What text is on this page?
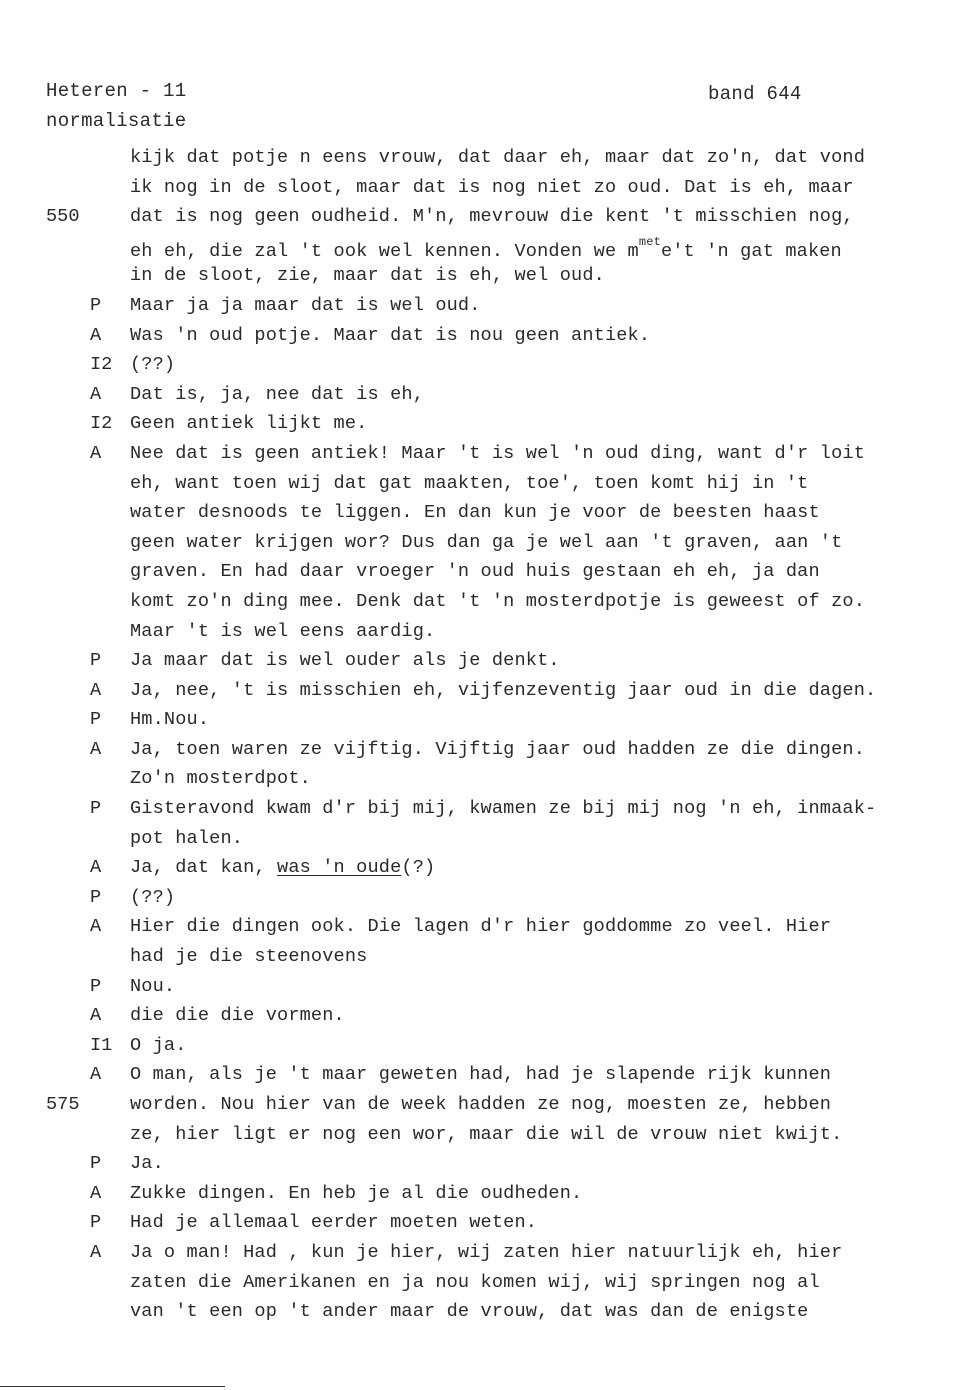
Heteren - 11
normalisatie
band 644
kijk dat potje n eens vrouw, dat daar eh, maar dat zo'n, dat vond
ik nog in de sloot, maar dat is nog niet zo oud. Dat is eh, maar
550	dat is nog geen oudheid. M'n, mevrouw die kent 't misschien nog,
eh eh, die zal 't ook wel kennen. Vonden we $m^{met}e't$ 'n gat maken
in de sloot, zie, maar dat is eh, wel oud.
P Maar ja ja maar dat is wel oud.
A Was 'n oud potje. Maar dat is nou geen antiek.
I2 (??)
A Dat is, ja, nee dat is eh,
I2 Geen antiek lijkt me.
A Nee dat is geen antiek! Maar 't is wel 'n oud ding, want d'r loit
eh, want toen wij dat gat maakten, toe', toen komt hij in 't
water desnoods te liggen. En dan kun je voor de beesten haast
geen water krijgen wor? Dus dan ga je wel aan 't graven, aan 't
graven. En had daar vroeger 'n oud huis gestaan eh eh, ja dan
komt zo'n ding mee. Denk dat 't 'n mosterdpotje is geweest of zo.
Maar 't is wel eens aardig.
P Ja maar dat is wel ouder als je denkt.
A Ja, nee, 't is misschien eh, vijfenzeventig jaar oud in die dagen.
P Hm.Nou.
A Ja, toen waren ze vijftig. Vijftig jaar oud hadden ze die dingen.
Zo'n mosterdpot.
P Gisteravond kwam d'r bij mij, kwamen ze bij mij nog 'n eh, inmaak-
pot halen.
A Ja, dat kan, was 'n oude(?)
P (??)
A Hier die dingen ook. Die lagen d'r hier goddomme zo veel. Hier
had je die steenovens
P Nou.
A die die die vormen.
I1 O ja.
A O man, als je 't maar geweten had, had je slapende rijk kunnen
575	worden. Nou hier van de week hadden ze nog, moesten ze, hebben
ze, hier ligt er nog een wor, maar die wil de vrouw niet kwijt.
P Ja.
A Zukke dingen. En heb je al die oudheden.
P Had je allemaal eerder moeten weten.
A Ja o man! Had , kun je hier, wij zaten hier natuurlijk eh, hier
zaten die Amerikanen en ja nou komen wij, wij springen nog al
van 't een op 't ander maar de vrouw, dat was dan de enigste
